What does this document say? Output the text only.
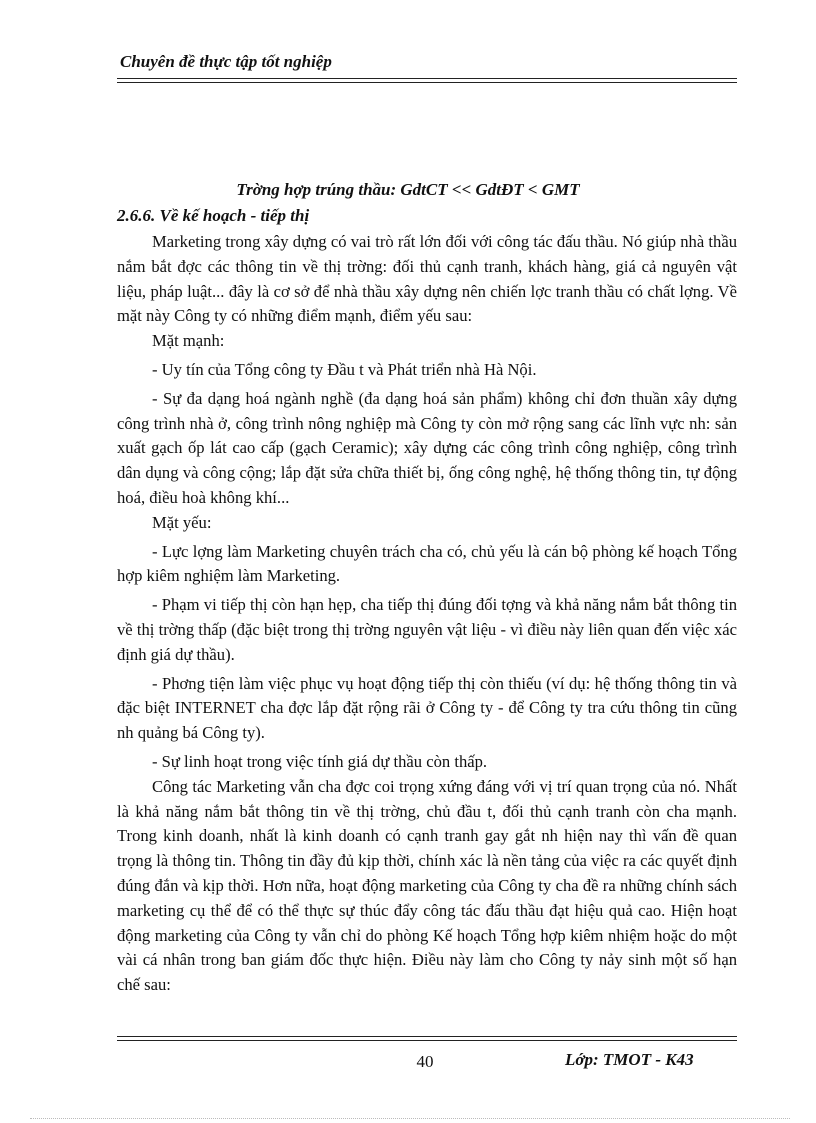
Chuyên đề thực tập tốt nghiệp
Trờng hợp trúng thầu: GdtCT << GdtĐT < GMT
2.6.6. Về kế hoạch - tiếp thị

Marketing trong xây dựng có vai trò rất lớn đối với công tác đấu thầu. Nó giúp nhà thầu nắm bắt đợc các thông tin về thị trờng: đối thủ cạnh tranh, khách hàng, giá cả nguyên vật liệu, pháp luật... đây là cơ sở để nhà thầu xây dựng nên chiến lợc tranh thầu có chất lợng. Về mặt này Công ty có những điểm mạnh, điểm yếu sau:

Mặt mạnh:

- Uy tín của Tổng công ty Đầu t và Phát triển nhà Hà Nội.

- Sự đa dạng hoá ngành nghề (đa dạng hoá sản phẩm) không chỉ đơn thuần xây dựng công trình nhà ở, công trình nông nghiệp mà Công ty còn mở rộng sang các lĩnh vực nh: sản xuất gạch ốp lát cao cấp (gạch Ceramic); xây dựng các công trình công nghiệp, công trình dân dụng và công cộng; lắp đặt sửa chữa thiết bị, ống công nghệ, hệ thống thông tin, tự động hoá, điều hoà không khí...

Mặt yếu:

- Lực lợng làm Marketing chuyên trách cha có, chủ yếu là cán bộ phòng kế hoạch Tổng hợp kiêm nghiệm làm Marketing.

- Phạm vi tiếp thị còn hạn hẹp, cha tiếp thị đúng đối tợng và khả năng nắm bắt thông tin về thị trờng thấp (đặc biệt trong thị trờng nguyên vật liệu - vì điều này liên quan đến việc xác định giá dự thầu).

- Phơng tiện làm việc phục vụ hoạt động tiếp thị còn thiếu (ví dụ: hệ thống thông tin và đặc biệt INTERNET cha đợc lắp đặt rộng rãi ở Công ty - để Công ty tra cứu thông tin cũng nh quảng bá Công ty).

- Sự linh hoạt trong việc tính giá dự thầu còn thấp.

Công tác Marketing vẫn cha đợc coi trọng xứng đáng với vị trí quan trọng của nó. Nhất là khả năng nắm bắt thông tin về thị trờng, chủ đầu t, đối thủ cạnh tranh còn cha mạnh. Trong kinh doanh, nhất là kinh doanh có cạnh tranh gay gắt nh hiện nay thì vấn đề quan trọng là thông tin. Thông tin đầy đủ kịp thời, chính xác là nền tảng của việc ra các quyết định đúng đắn và kịp thời. Hơn nữa, hoạt động marketing của Công ty cha đề ra những chính sách marketing cụ thể để có thể thực sự thúc đẩy công tác đấu thầu đạt hiệu quả cao. Hiện hoạt động marketing của Công ty vẫn chỉ do phòng Kế hoạch Tổng hợp kiêm nhiệm hoặc do một vài cá nhân trong ban giám đốc thực hiện. Điều này làm cho Công ty nảy sinh một số hạn chế sau:

40	Lớp: TMOT - K43
